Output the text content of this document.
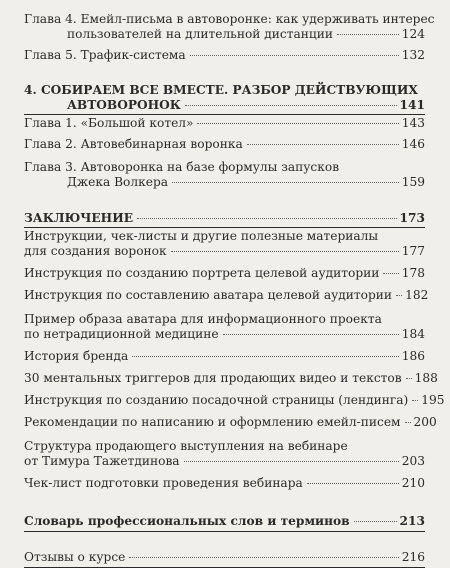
Глава 4. Емейл-письма в автоворонке: как удерживать интерес
пользователей на длительной дистанции	124
Глава 5. Трафик-система	132
4. СОБИРАЕМ ВСЕ ВМЕСТЕ. РАЗБОР ДЕЙСТВУЮЩИХ
АВТОВОРОНОК	141
Глава 1. «Большой котел»	143
Глава 2. Автовебинарная воронка	146
Глава 3. Автоворонка на базе формулы запусков
Джека Волкера	159
ЗАКЛЮЧЕНИЕ	173
Инструкции, чек-листы и другие полезные материалы
для создания воронок	177
Инструкция по созданию портрета целевой аудитории 178
Инструкция по составлению аватара целевой аудитории 182
Пример образа аватара для информационного проекта
по нетрадиционной медицине	184
История бренда	186
30 ментальных триггеров для продающих видео и текстов 188
Инструкция по созданию посадочной страницы (лендинга) 195
Рекомендации по написанию и оформлению емейл-писем 200
Структура продающего выступления на вебинаре
от Тимура Тажетдинова	203
Чек-лист подготовки проведения вебинара	210
Словарь профессиональных слов и терминов	213
Отзывы о курсе	216
